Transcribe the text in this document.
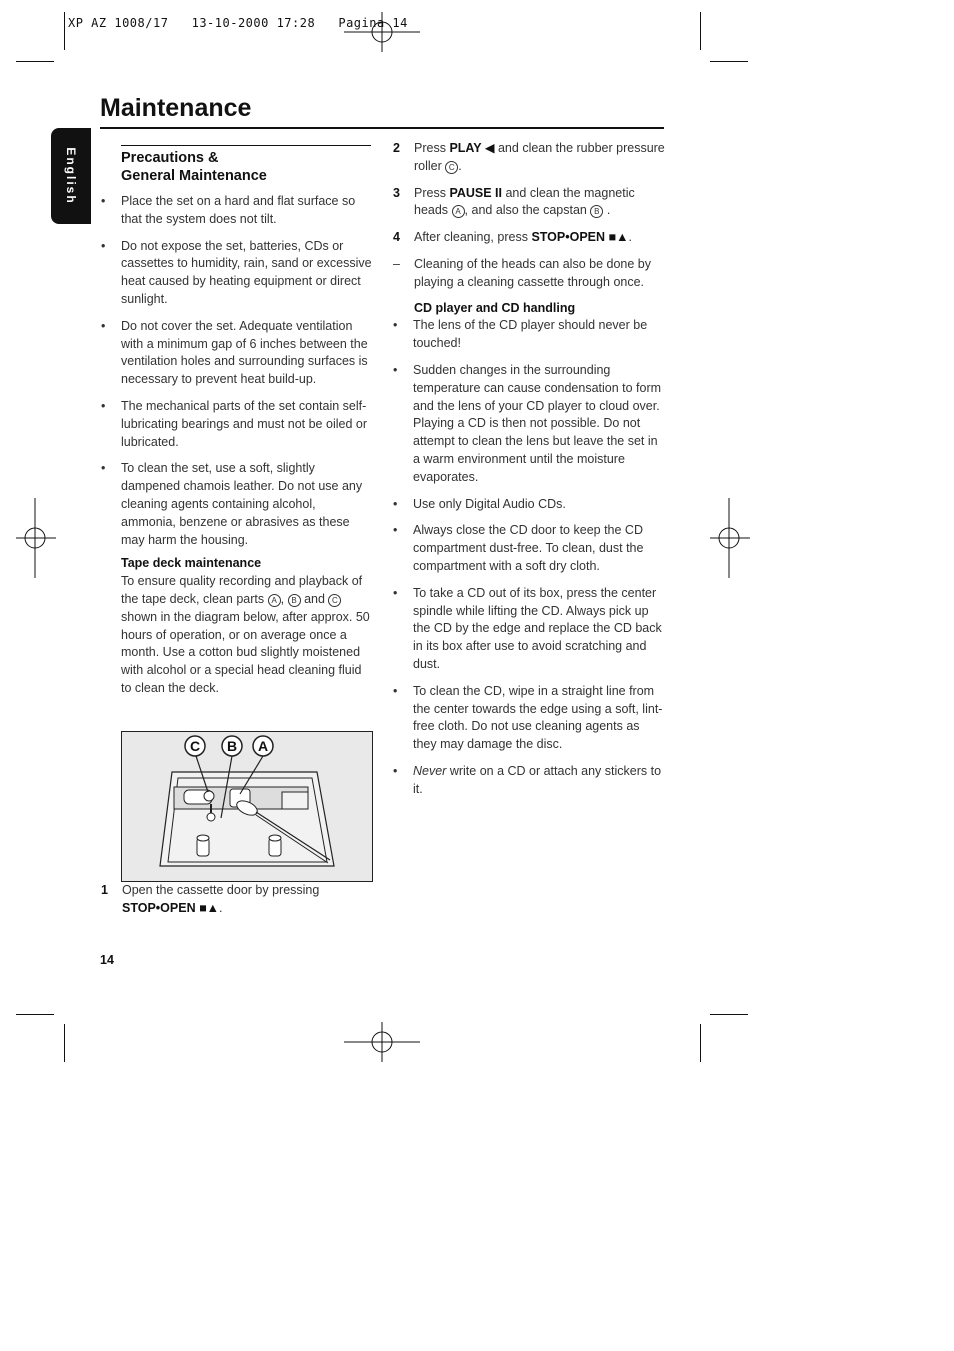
XP AZ 1008/17   13-10-2000 17:28   Pagina 14
Maintenance
English	Precautions &
General Maintenance
• Place the set on a hard and flat surface so that the system does not tilt.
• Do not expose the set, batteries, CDs or cassettes to humidity, rain, sand or excessive heat caused by heating equipment or direct sunlight.
• Do not cover the set. Adequate ventilation with a minimum gap of 6 inches between the ventilation holes and surrounding surfaces is necessary to prevent heat build-up.
• The mechanical parts of the set contain self-lubricating bearings and must not be oiled or lubricated.
• To clean the set, use a soft, slightly dampened chamois leather. Do not use any cleaning agents containing alcohol, ammonia, benzene or abrasives as these may harm the housing.
Tape deck maintenance
To ensure quality recording and playback of the tape deck, clean parts A , B and C shown in the diagram below, after approx. 50 hours of operation, or on average once a month. Use a cotton bud slightly moistened with alcohol or a special head cleaning fluid to clean the deck.
C B A
1 Open the cassette door by pressing
STOP•OPEN ■▲.
2 Press PLAY ◀ and clean the rubber pressure roller C .
3 Press PAUSE II and clean the magnetic heads A , and also the capstan B .
4 After cleaning, press STOP•OPEN ■▲.
– Cleaning of the heads can also be done by playing a cleaning cassette through once.
CD player and CD handling
• The lens of the CD player should never be touched!
• Sudden changes in the surrounding temperature can cause condensation to form and the lens of your CD player to cloud over. Playing a CD is then not possible. Do not attempt to clean the lens but leave the set in a warm environment until the moisture evaporates.
• Use only Digital Audio CDs.
• Always close the CD door to keep the CD compartment dust-free. To clean, dust the compartment with a soft dry cloth.
• To take a CD out of its box, press the center spindle while lifting the CD. Always pick up the CD by the edge and replace the CD back in its box after use to avoid scratching and dust.
• To clean the CD, wipe in a straight line from the center towards the edge using a soft, lint-free cloth. Do not use cleaning agents as they may damage the disc.
• Never write on a CD or attach any stickers to it.
14
